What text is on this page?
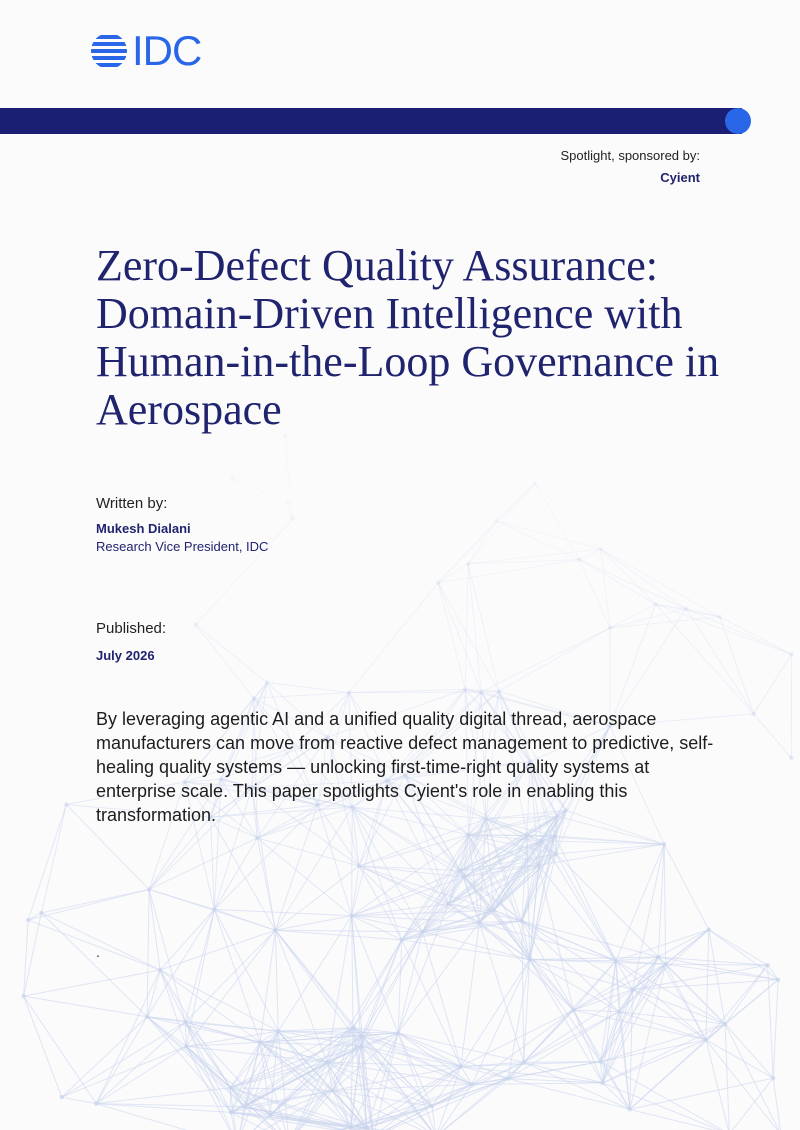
IDC
Spotlight, sponsored by:
Cyient
Zero-Defect Quality Assurance: Domain-Driven Intelligence with Human-in-the-Loop Governance in Aerospace
Written by:
Mukesh Dialani
Research Vice President, IDC
Published:
July 2026

By leveraging agentic AI and a unified quality digital thread, aerospace manufacturers can move from reactive defect management to predictive, self-healing quality systems — unlocking first-time-right quality systems at enterprise scale. This paper spotlights Cyient's role in enabling this transformation.

.
